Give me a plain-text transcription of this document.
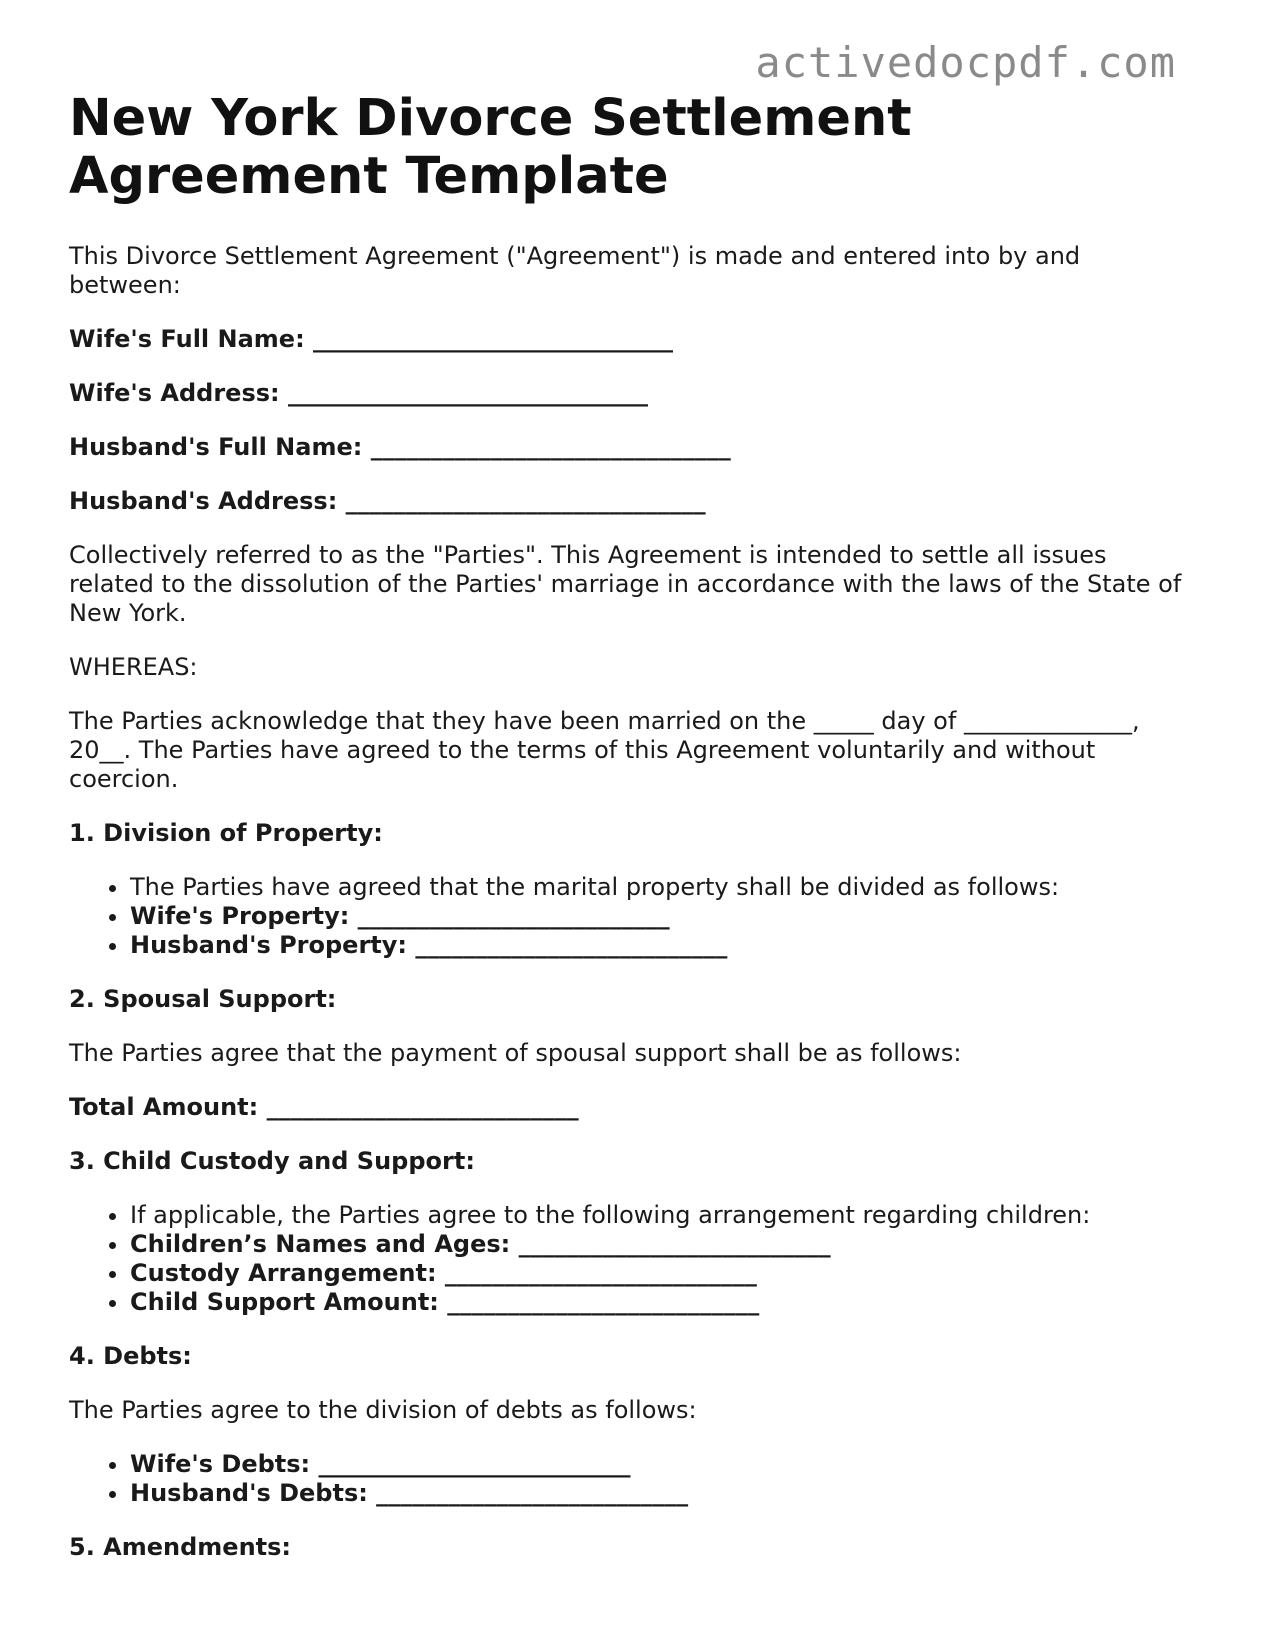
activedocpdf.com
New York Divorce Settlement Agreement Template

This Divorce Settlement Agreement ("Agreement") is made and entered into by and between:

Wife's Full Name: ______________________________

Wife's Address: ______________________________

Husband's Full Name: ______________________________

Husband's Address: ______________________________

Collectively referred to as the "Parties". This Agreement is intended to settle all issues related to the dissolution of the Parties' marriage in accordance with the laws of the State of New York.

WHEREAS:

The Parties acknowledge that they have been married on the _____ day of ______________, 20__. The Parties have agreed to the terms of this Agreement voluntarily and without coercion.

1. Division of Property:

• The Parties have agreed that the marital property shall be divided as follows:
• Wife's Property: __________________________
• Husband's Property: __________________________

2. Spousal Support:

The Parties agree that the payment of spousal support shall be as follows:

Total Amount: __________________________

3. Child Custody and Support:

• If applicable, the Parties agree to the following arrangement regarding children:
• Children’s Names and Ages: __________________________
• Custody Arrangement: __________________________
• Child Support Amount: __________________________

4. Debts:

The Parties agree to the division of debts as follows:

• Wife's Debts: __________________________
• Husband's Debts: __________________________

5. Amendments:
